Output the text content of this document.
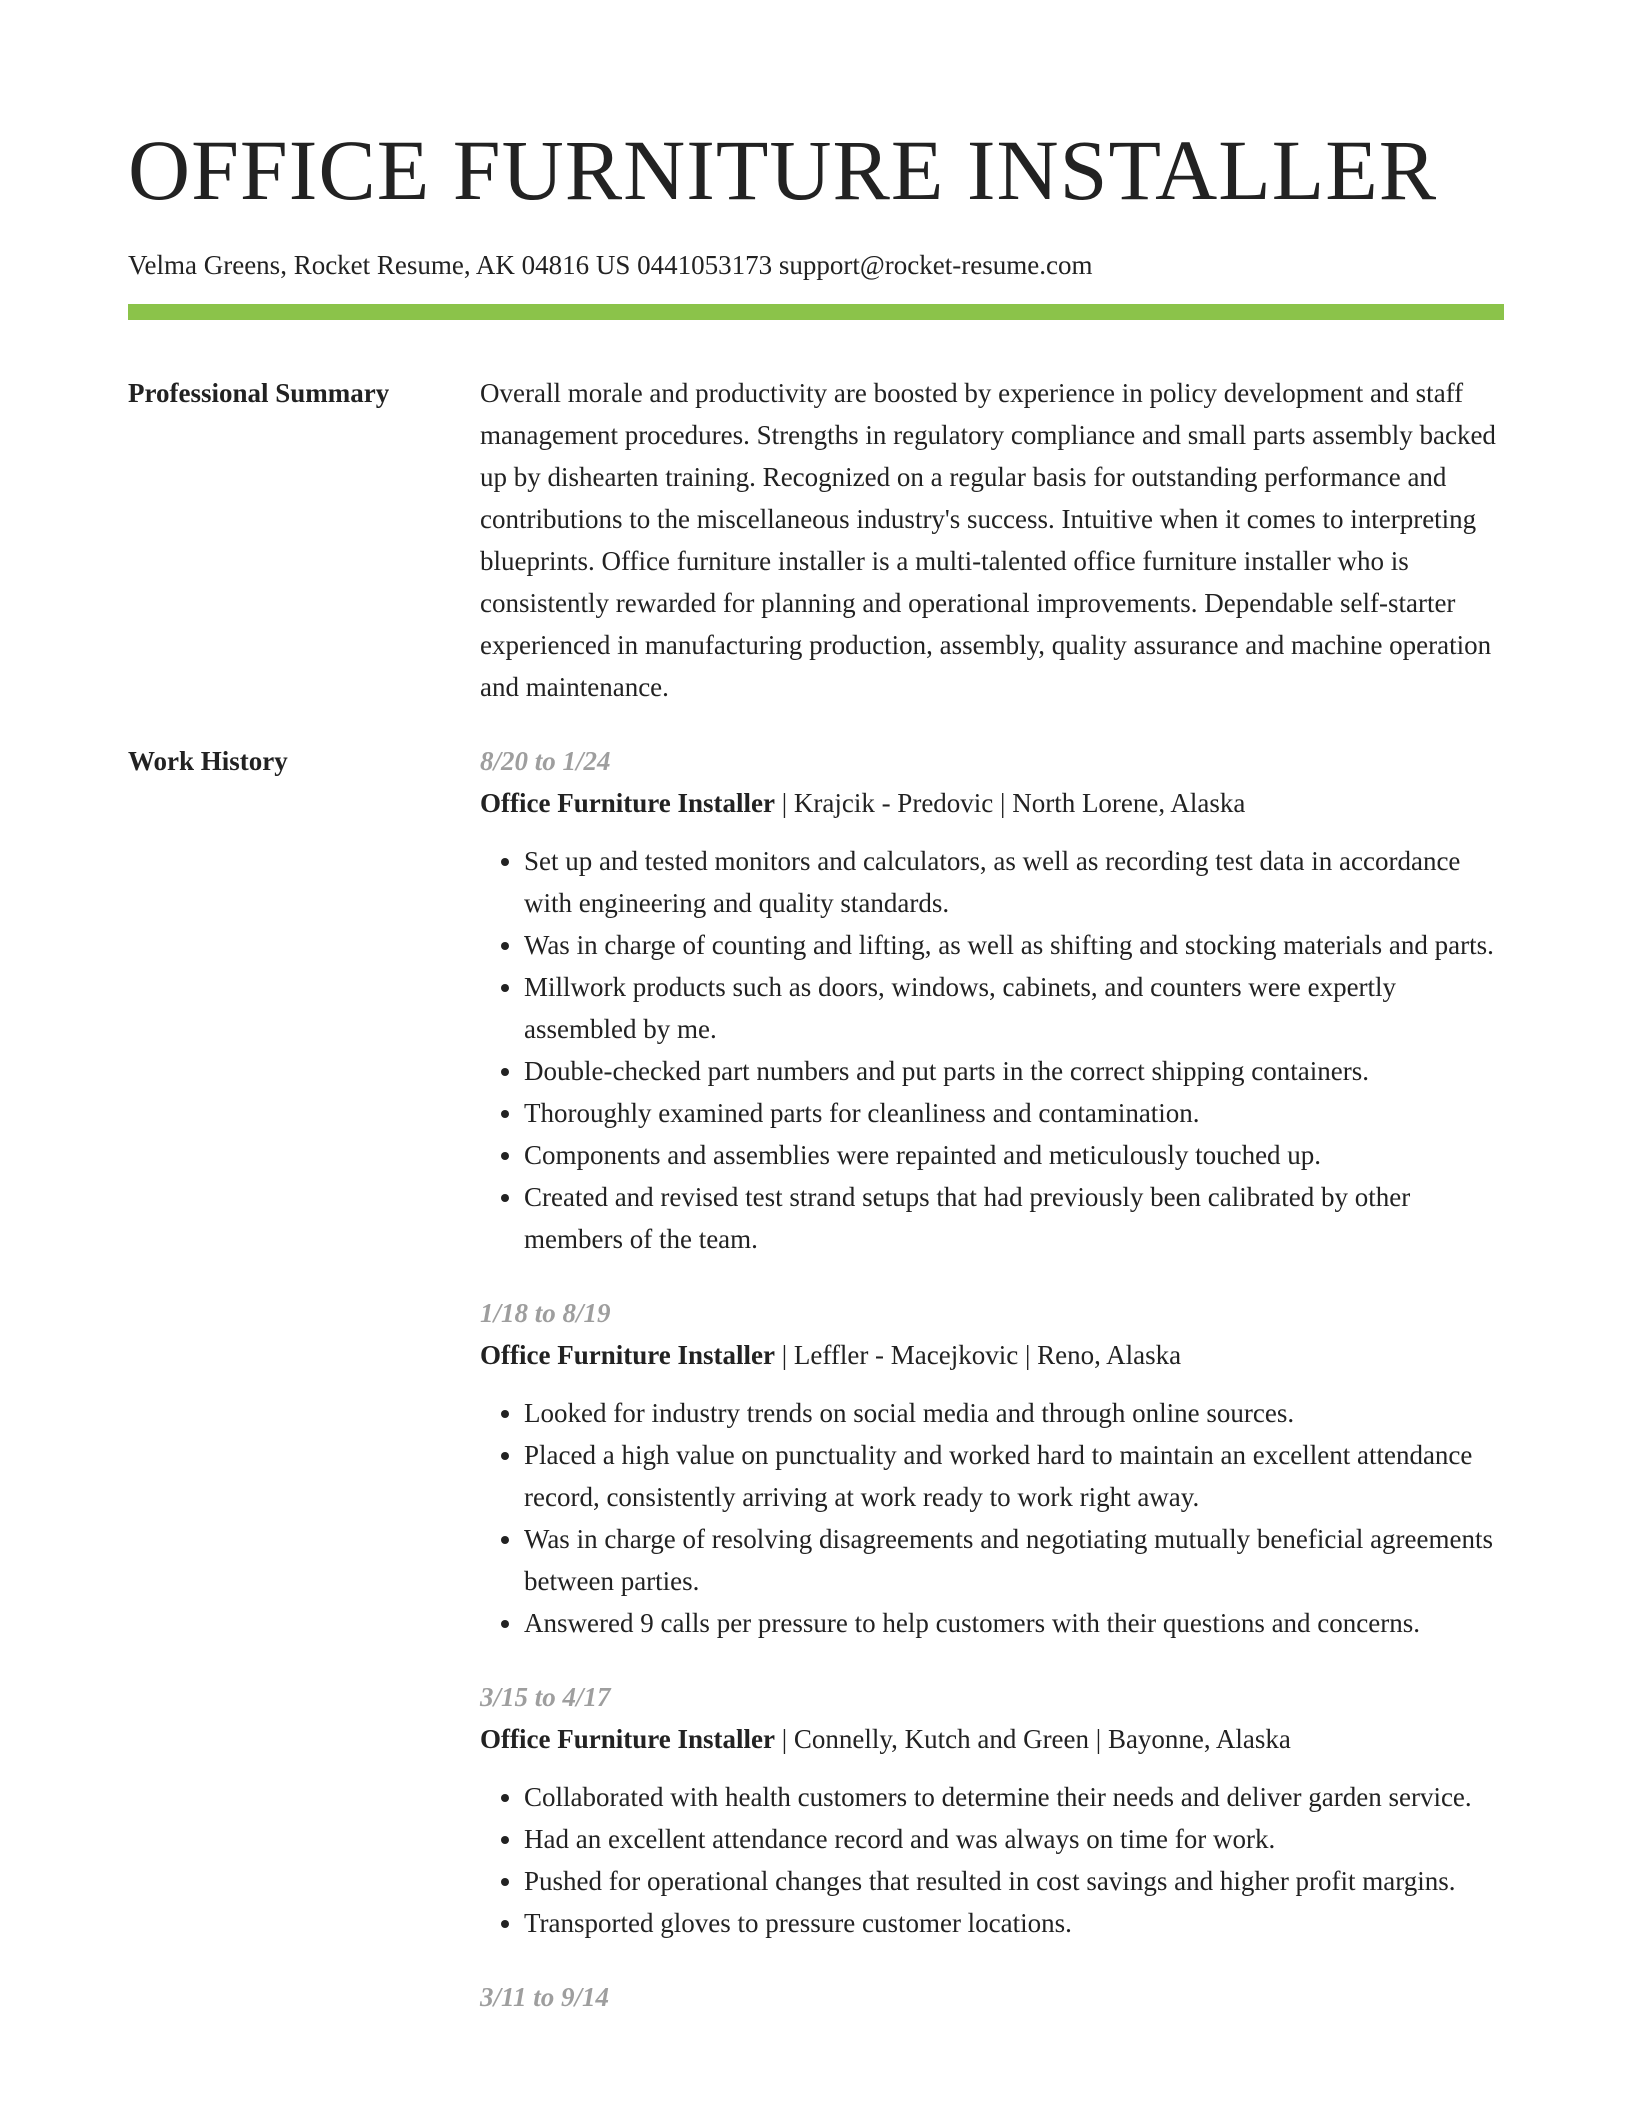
OFFICE FURNITURE INSTALLER
Velma Greens, Rocket Resume, AK 04816 US 0441053173 support@rocket-resume.com
Professional Summary	Overall morale and productivity are boosted by experience in policy development and staff management procedures. Strengths in regulatory compliance and small parts assembly backed up by dishearten training. Recognized on a regular basis for outstanding performance and contributions to the miscellaneous industry's success. Intuitive when it comes to interpreting blueprints. Office furniture installer is a multi-talented office furniture installer who is consistently rewarded for planning and operational improvements. Dependable self-starter experienced in manufacturing production, assembly, quality assurance and machine operation and maintenance.

Work History	8/20 to 1/24
Office Furniture Installer | Krajcik - Predovic | North Lorene, Alaska
• Set up and tested monitors and calculators, as well as recording test data in accordance with engineering and quality standards.
• Was in charge of counting and lifting, as well as shifting and stocking materials and parts.
• Millwork products such as doors, windows, cabinets, and counters were expertly assembled by me.
• Double-checked part numbers and put parts in the correct shipping containers.
• Thoroughly examined parts for cleanliness and contamination.
• Components and assemblies were repainted and meticulously touched up.
• Created and revised test strand setups that had previously been calibrated by other members of the team.
1/18 to 8/19
Office Furniture Installer | Leffler - Macejkovic | Reno, Alaska
• Looked for industry trends on social media and through online sources.
• Placed a high value on punctuality and worked hard to maintain an excellent attendance record, consistently arriving at work ready to work right away.
• Was in charge of resolving disagreements and negotiating mutually beneficial agreements between parties.
• Answered 9 calls per pressure to help customers with their questions and concerns.
3/15 to 4/17
Office Furniture Installer | Connelly, Kutch and Green | Bayonne, Alaska
• Collaborated with health customers to determine their needs and deliver garden service.
• Had an excellent attendance record and was always on time for work.
• Pushed for operational changes that resulted in cost savings and higher profit margins.
• Transported gloves to pressure customer locations.
3/11 to 9/14
